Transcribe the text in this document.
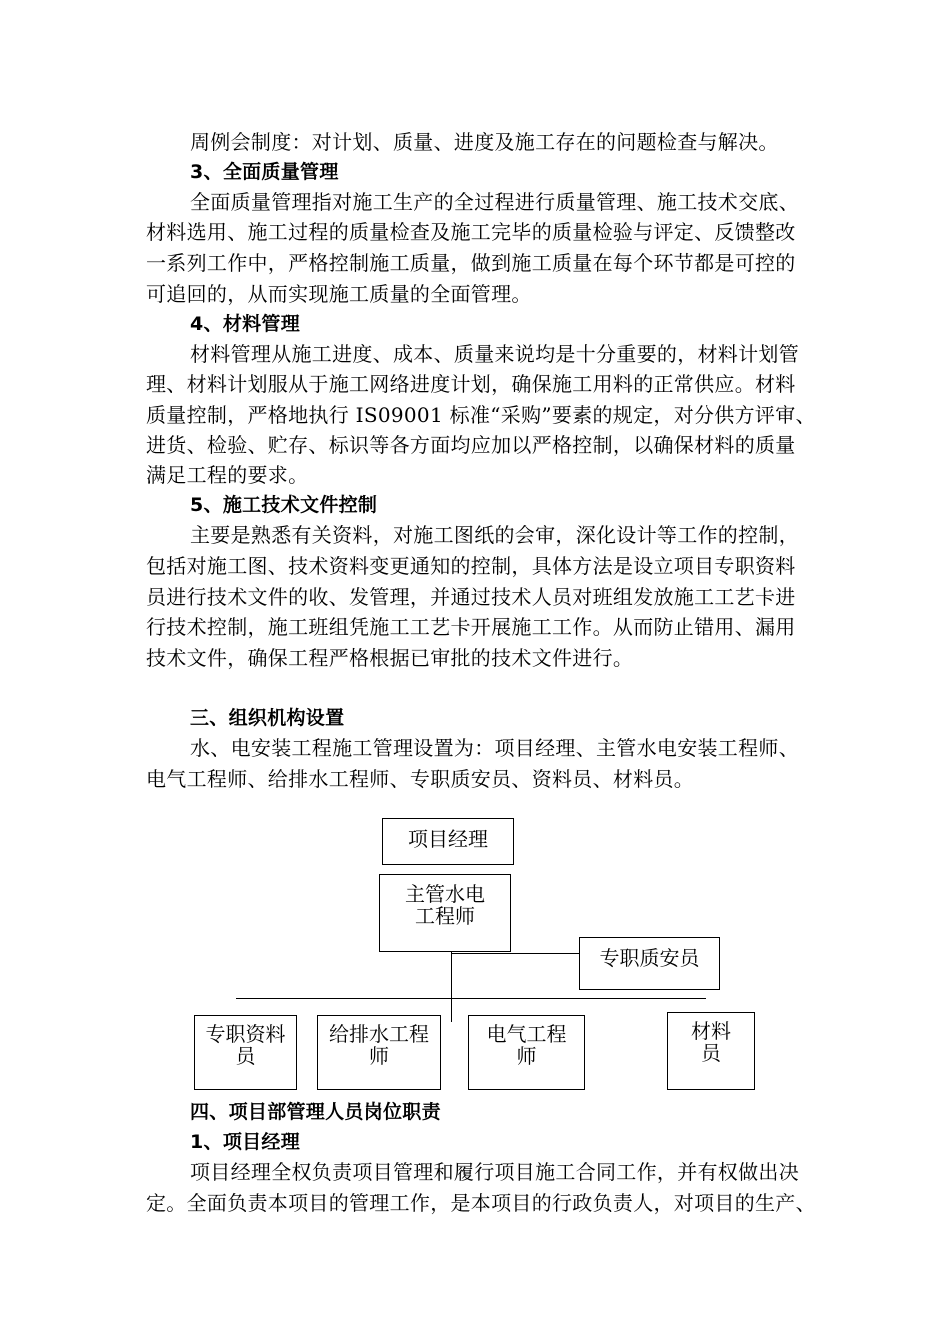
周例会制度：对计划、质量、进度及施工存在的问题检查与解决。
3、全面质量管理
全面质量管理指对施工生产的全过程进行质量管理、施工技术交底、
材料选用、施工过程的质量检查及施工完毕的质量检验与评定、反馈整改
一系列工作中，严格控制施工质量，做到施工质量在每个环节都是可控的
可追回的，从而实现施工质量的全面管理。
4、材料管理
材料管理从施工进度、成本、质量来说均是十分重要的，材料计划管
理、材料计划服从于施工网络进度计划，确保施工用料的正常供应。材料
质量控制，严格地执行 IS09001 标准“采购”要素的规定，对分供方评审、
进货、检验、贮存、标识等各方面均应加以严格控制，以确保材料的质量
满足工程的要求。
5、施工技术文件控制
主要是熟悉有关资料，对施工图纸的会审，深化设计等工作的控制，
包括对施工图、技术资料变更通知的控制，具体方法是设立项目专职资料
员进行技术文件的收、发管理，并通过技术人员对班组发放施工工艺卡进
行技术控制，施工班组凭施工工艺卡开展施工工作。从而防止错用、漏用
技术文件，确保工程严格根据已审批的技术文件进行。
三、组织机构设置
水、电安装工程施工管理设置为：项目经理、主管水电安装工程师、
电气工程师、给排水工程师、专职质安员、资料员、材料员。
项目经理
主管水电
工程师
专职质安员
专职资料
员
给排水工程
师
电气工程
师
材料
员
四、项目部管理人员岗位职责
1、项目经理
项目经理全权负责项目管理和履行项目施工合同工作，并有权做出决
定。全面负责本项目的管理工作，是本项目的行政负责人，对项目的生产、
